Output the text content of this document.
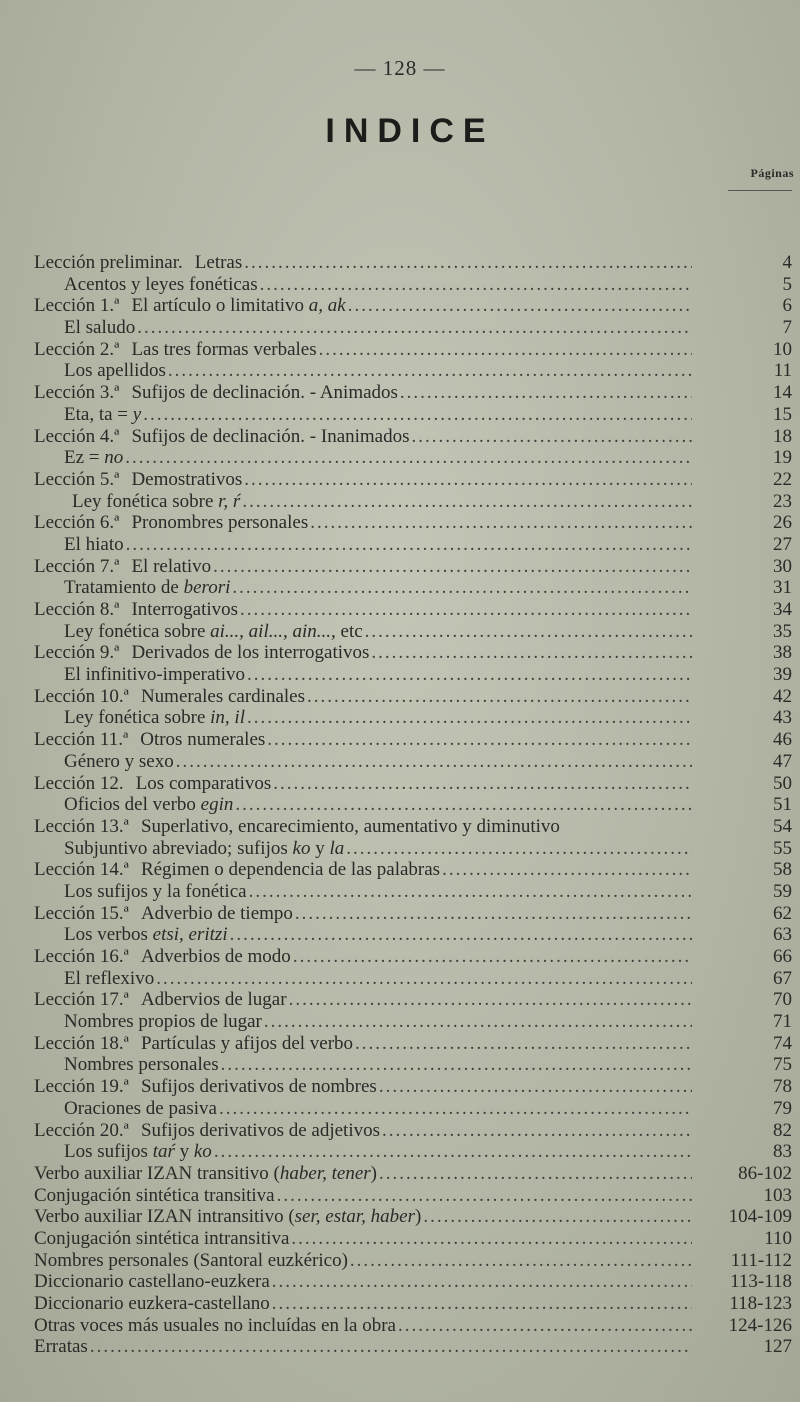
— 128 —
INDICE
Páginas
Lección preliminar. Letras .....	4
Acentos y leyes fonéticas .....	5
Lección 1.ª El artículo o limitativo a, ak .....	6
El saludo .....	7
Lección 2.ª Las tres formas verbales .....	10
Los apellidos .....	11
Lección 3.ª Sufijos de declinación. - Animados .....	14
Eta, ta = y .....	15
Lección 4.ª Sufijos de declinación. - Inanimados .....	18
Ez = no .....	19
Lección 5.ª Demostrativos .....	22
Ley fonética sobre r, ŕ .....	23
Lección 6.ª Pronombres personales .....	26
El hiato .....	27
Lección 7.ª El relativo .....	30
Tratamiento de berori .....	31
Lección 8.ª Interrogativos .....	34
Ley fonética sobre ai..., ail..., ain..., etc .....	35
Lección 9.ª Derivados de los interrogativos .....	38
El infinitivo-imperativo .....	39
Lección 10.ª Numerales cardinales .....	42
Ley fonética sobre in, il .....	43
Lección 11.ª Otros numerales .....	46
Género y sexo .....	47
Lección 12. Los comparativos .....	50
Oficios del verbo egin .....	51
Lección 13.ª Superlativo, encarecimiento, aumentativo y diminutivo	54
Subjuntivo abreviado; sufijos ko y la .....	55
Lección 14.ª Régimen o dependencia de las palabras .....	58
Los sufijos y la fonética .....	59
Lección 15.ª Adverbio de tiempo .....	62
Los verbos etsi, eritzi .....	63
Lección 16.ª Adverbios de modo .....	66
El reflexivo .....	67
Lección 17.ª Adbervios de lugar .....	70
Nombres propios de lugar .....	71
Lección 18.ª Partículas y afijos del verbo .....	74
Nombres personales .....	75
Lección 19.ª Sufijos derivativos de nombres .....	78
Oraciones de pasiva .....	79
Lección 20.ª Sufijos derivativos de adjetivos .....	82
Los sufijos taŕ y ko .....	83
Verbo auxiliar IZAN transitivo (haber, tener) .....	86-102
Conjugación sintética transitiva .....	103
Verbo auxiliar IZAN intransitivo (ser, estar, haber) .....	104-109
Conjugación sintética intransitiva .....	110
Nombres personales (Santoral euzkérico) .....	111-112
Diccionario castellano-euzkera .....	113-118
Diccionario euzkera-castellano .....	118-123
Otras voces más usuales no incluídas en la obra .....	124-126
Erratas .....	127
